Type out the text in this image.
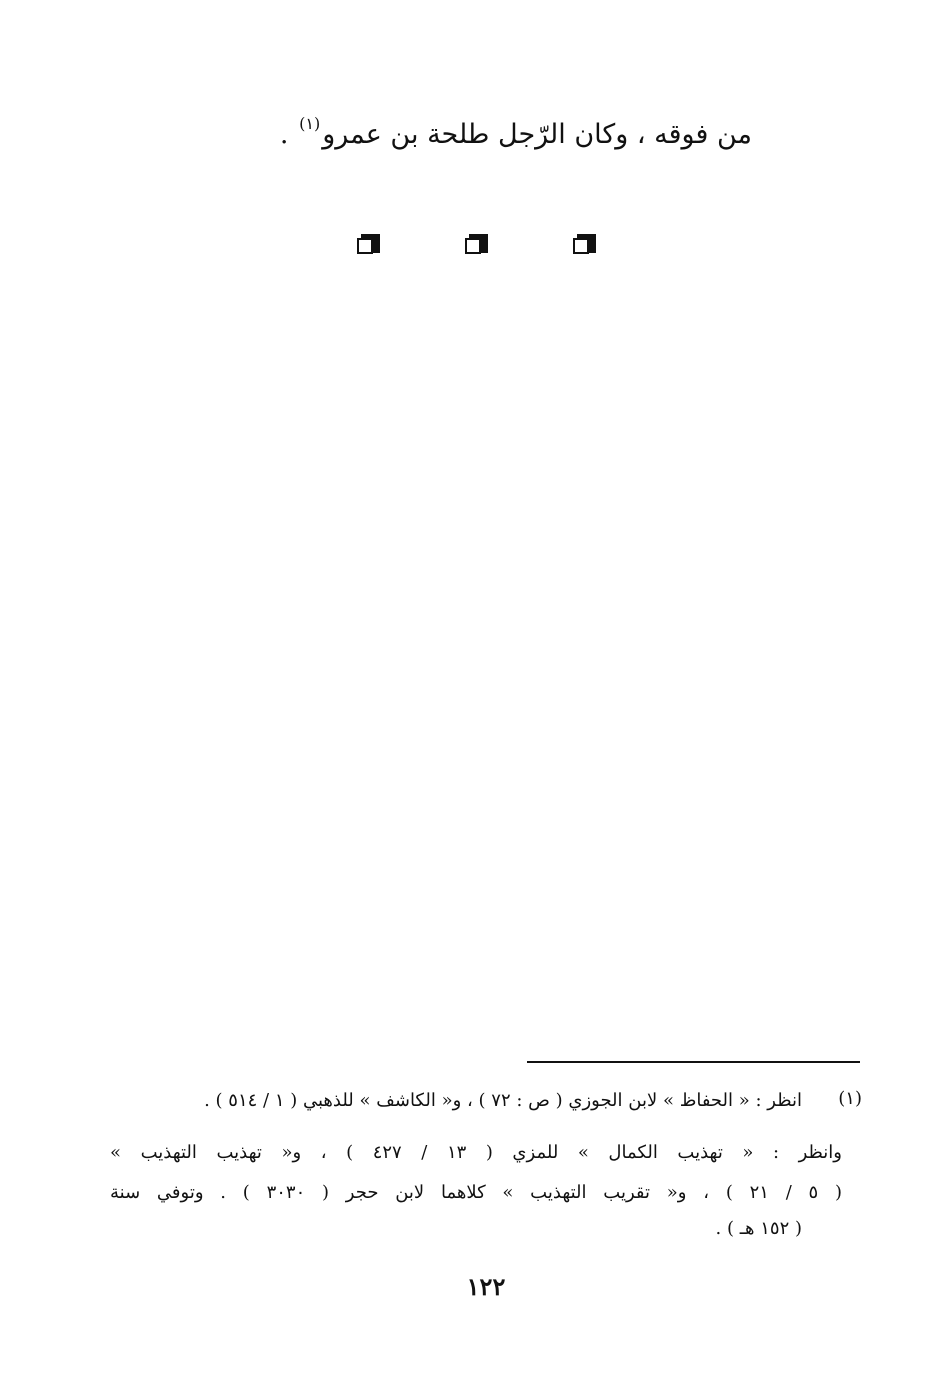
من فوقه ، وكان الرّجل طلحة بن عمرو$^{(١)}$ .
(١)
انظر : « الحفاظ » لابن الجوزي ( ص : ٧٢ ) ، و« الكاشف » للذهبي ( ١ / ٥١٤ ) .
وانظر : « تهذيب الكمال » للمزي ( ١٣ / ٤٢٧ ) ، و« تهذيب التهذيب »
( ٥ / ٢١ ) ، و« تقريب التهذيب » كلاهما لابن حجر ( ٣٠٣٠ ) . وتوفي سنة
( ١٥٢ هـ ) .
١٢٢
